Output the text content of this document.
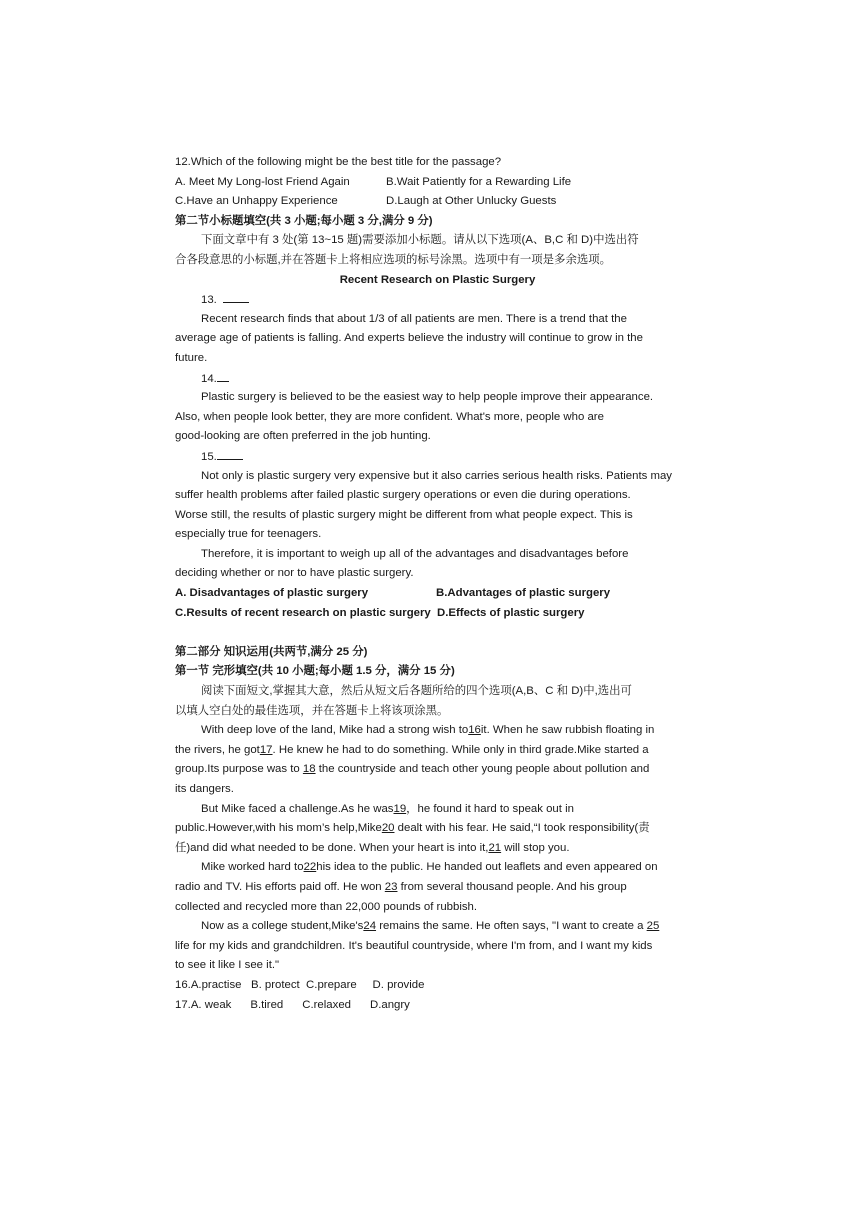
12.Which of the following might be the best title for the passage?
A. Meet My Long-lost Friend Again	B.Wait Patiently for a Rewarding Life
C.Have an Unhappy Experience	D.Laugh at Other Unlucky Guests
第二节小标题填空(共 3 小题;每小题 3 分,满分 9 分)
下面文章中有 3 处(第 13~15 题)需要添加小标题。请从以下选项(A、B,C 和 D)中选出符
合各段意思的小标题,并在答题卡上将相应选项的标号涂黑。选项中有一项是多余选项。
Recent Research on Plastic Surgery
13.
Recent research finds that about 1/3 of all patients are men. There is a trend that the
average age of patients is falling. And experts believe the industry will continue to grow in the
future.
14.
Plastic surgery is believed to be the easiest way to help people improve their appearance.
Also, when people look better, they are more confident. What's more, people who are
good-looking are often preferred in the job hunting.
15.
Not only is plastic surgery very expensive but it also carries serious health risks. Patients may
suffer health problems after failed plastic surgery operations or even die during operations.
Worse still, the results of plastic surgery might be different from what people expect. This is
especially true for teenagers.
Therefore, it is important to weigh up all of the advantages and disadvantages before
deciding whether or nor to have plastic surgery.
A. Disadvantages of plastic surgery	B.Advantages of plastic surgery
C.Results of recent research on plastic surgery D.Effects of plastic surgery
第二部分 知识运用(共两节,满分 25 分)
第一节 完形填空(共 10 小题;每小题 1.5 分，满分 15 分)
阅读下面短文,掌握其大意，然后从短文后各题所给的四个选项(A,B、C 和 D)中,选出可
以填人空白处的最佳选项，并在答题卡上将该项涂黑。
With deep love of the land, Mike had a strong wish to16it. When he saw rubbish floating in
the rivers, he got17. He knew he had to do something. While only in third grade.Mike started a
group.Its purpose was to 18 the countryside and teach other young people about pollution and
its dangers.
But Mike faced a challenge.As he was19，he found it hard to speak out in
public.However,with his mom’s help,Mike20 dealt with his fear. He said,“I took responsibility(责
任)and did what needed to be done. When your heart is into it,21 will stop you.
Mike worked hard to22his idea to the public. He handed out leaflets and even appeared on
radio and TV. His efforts paid off. He won 23 from several thousand people. And his group
collected and recycled more than 22,000 pounds of rubbish.
Now as a college student,Mike's24 remains the same. He often says, "I want to create a 25
life for my kids and grandchildren. It's beautiful countryside, where I'm from, and I want my kids
to see it like I see it."
16.A.practise   B. protect  C.prepare     D. provide
17.A. weak      B.tired      C.relaxed      D.angry
